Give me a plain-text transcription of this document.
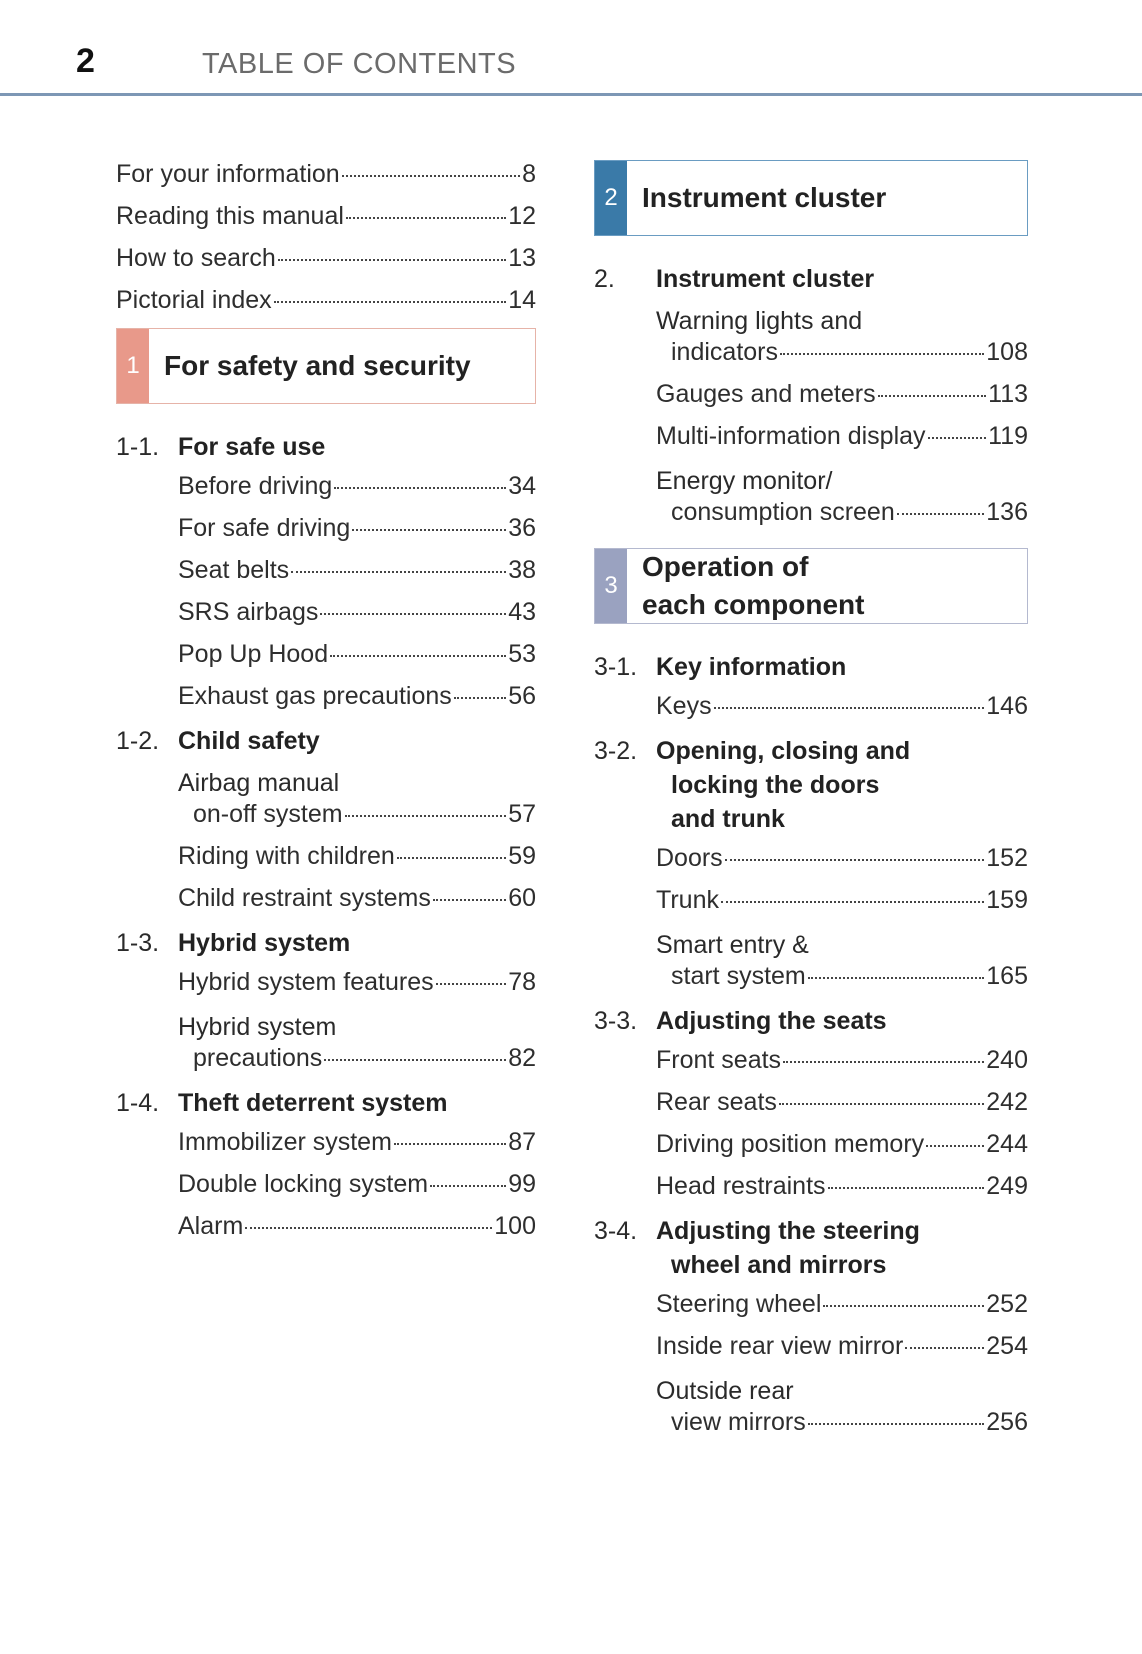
2	TABLE OF CONTENTS
For your information	8
Reading this manual	12
How to search	13
Pictorial index	14
1 For safety and security
1-1. For safe use
Before driving	34
For safe driving	36
Seat belts	38
SRS airbags	43
Pop Up Hood	53
Exhaust gas precautions 56
1-2. Child safety
Airbag manual
on-off system	57
Riding with children	59
Child restraint systems	60
1-3. Hybrid system
Hybrid system features	78
Hybrid system
precautions	82
1-4. Theft deterrent system
Immobilizer system	87
Double locking system	99
Alarm	100
2 Instrument cluster
2.	Instrument cluster
Warning lights and
indicators	108
Gauges and meters	113
Multi-information display	119
Energy monitor/
consumption screen	136
3
Operation of
each component
3-1. Key information
Keys	146
3-2. Opening, closing and
locking the doors
and trunk
Doors	152
Trunk	159
Smart entry &
start system	165
3-3. Adjusting the seats
Front seats	240
Rear seats	242
Driving position memory 244
Head restraints	249
3-4. Adjusting the steering
wheel and mirrors
Steering wheel	252
Inside rear view mirror	254
Outside rear
view mirrors	256
